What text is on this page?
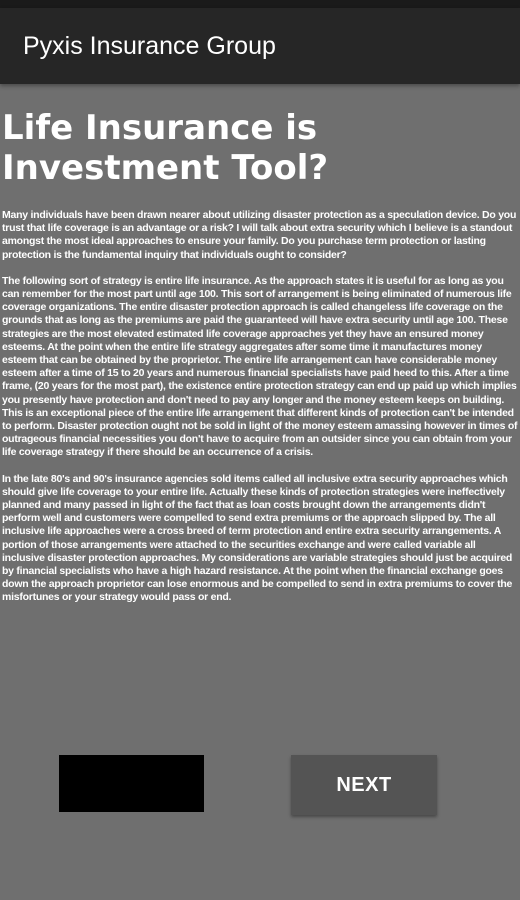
Pyxis Insurance Group
Life Insurance is Investment Tool?

Many individuals have been drawn nearer about utilizing disaster protection as a speculation device. Do you trust that life coverage is an advantage or a risk? I will talk about extra security which I believe is a standout amongst the most ideal approaches to ensure your family. Do you purchase term protection or lasting protection is the fundamental inquiry that individuals ought to consider?

The following sort of strategy is entire life insurance. As the approach states it is useful for as long as you can remember for the most part until age 100. This sort of arrangement is being eliminated of numerous life coverage organizations. The entire disaster protection approach is called changeless life coverage on the grounds that as long as the premiums are paid the guaranteed will have extra security until age 100. These strategies are the most elevated estimated life coverage approaches yet they have an ensured money esteems. At the point when the entire life strategy aggregates after some time it manufactures money esteem that can be obtained by the proprietor. The entire life arrangement can have considerable money esteem after a time of 15 to 20 years and numerous financial specialists have paid heed to this. After a time frame, (20 years for the most part), the existence entire protection strategy can end up paid up which implies you presently have protection and don't need to pay any longer and the money esteem keeps on building. This is an exceptional piece of the entire life arrangement that different kinds of protection can't be intended to perform. Disaster protection ought not be sold in light of the money esteem amassing however in times of outrageous financial necessities you don't have to acquire from an outsider since you can obtain from your life coverage strategy if there should be an occurrence of a crisis.

In the late 80's and 90's insurance agencies sold items called all inclusive extra security approaches which should give life coverage to your entire life. Actually these kinds of protection strategies were ineffectively planned and many passed in light of the fact that as loan costs brought down the arrangements didn't perform well and customers were compelled to send extra premiums or the approach slipped by. The all inclusive life approaches were a cross breed of term protection and entire extra security arrangements. A portion of those arrangements were attached to the securities exchange and were called variable all inclusive disaster protection approaches. My considerations are variable strategies should just be acquired by financial specialists who have a high hazard resistance. At the point when the financial exchange goes down the approach proprietor can lose enormous and be compelled to send in extra premiums to cover the misfortunes or your strategy would pass or end.

NEXT
